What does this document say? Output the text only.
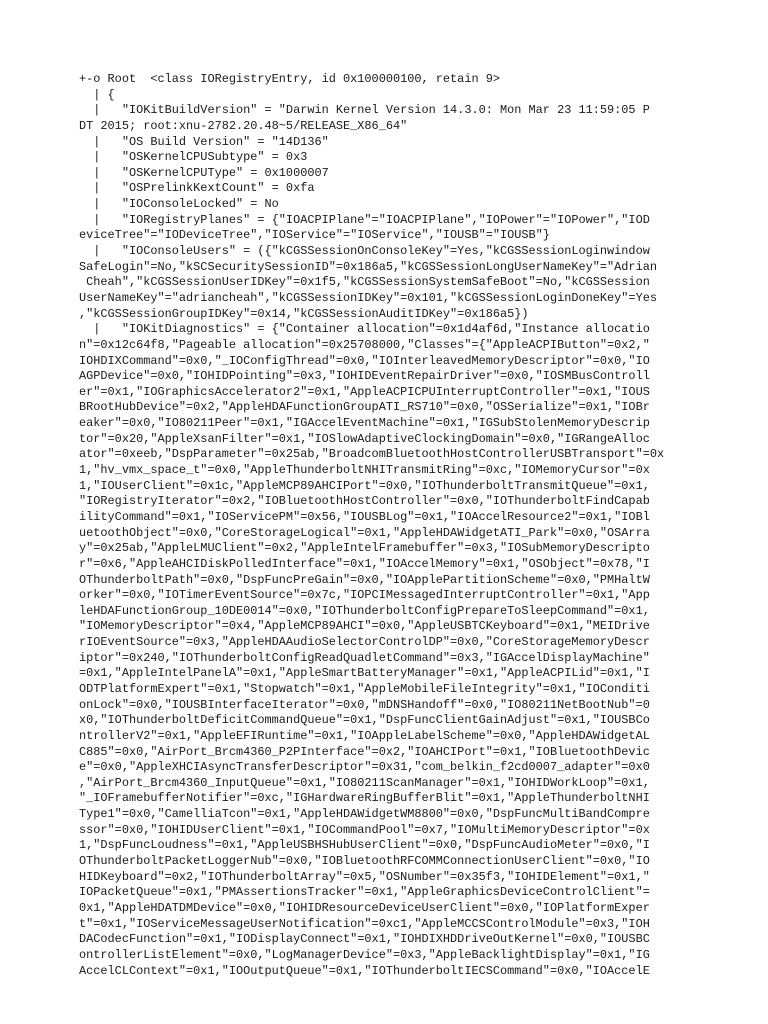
+-o Root  <class IORegistryEntry, id 0x100000100, retain 9>
| {
|   "IOKitBuildVersion" = "Darwin Kernel Version 14.3.0: Mon Mar 23 11:59:05 P
DT 2015; root:xnu-2782.20.48~5/RELEASE_X86_64"
|   "OS Build Version" = "14D136"
|   "OSKernelCPUSubtype" = 0x3
|   "OSKernelCPUType" = 0x1000007
|   "OSPrelinkKextCount" = 0xfa
|   "IOConsoleLocked" = No
|   "IORegistryPlanes" = {"IOACPIPlane"="IOACPIPlane","IOPower"="IOPower","IOD
eviceTree"="IODeviceTree","IOService"="IOService","IOUSB"="IOUSB"}
|   "IOConsoleUsers" = ({"kCGSSessionOnConsoleKey"=Yes,"kCGSSessionLoginwindow
SafeLogin"=No,"kSCSecuritySessionID"=0x186a5,"kCGSSessionLongUserNameKey"="Adrian
Cheah","kCGSSessionUserIDKey"=0x1f5,"kCGSSessionSystemSafeBoot"=No,"kCGSSession
UserNameKey"="adriancheah","kCGSSessionIDKey"=0x101,"kCGSSessionLoginDoneKey"=Yes
,"kCGSSessionGroupIDKey"=0x14,"kCGSSessionAuditIDKey"=0x186a5})
|   "IOKitDiagnostics" = {"Container allocation"=0x1d4af6d,"Instance allocatio
n"=0x12c64f8,"Pageable allocation"=0x25708000,"Classes"={"AppleACPIButton"=0x2,"
IOHDIXCommand"=0x0,"_IOConfigThread"=0x0,"IOInterleavedMemoryDescriptor"=0x0,"IO
AGPDevice"=0x0,"IOHIDPointing"=0x3,"IOHIDEventRepairDriver"=0x0,"IOSMBusControll
er"=0x1,"IOGraphicsAccelerator2"=0x1,"AppleACPICPUInterruptController"=0x1,"IOUS
BRootHubDevice"=0x2,"AppleHDAFunctionGroupATI_RS710"=0x0,"OSSerialize"=0x1,"IOBr
eaker"=0x0,"IO80211Peer"=0x1,"IGAccelEventMachine"=0x1,"IGSubStolenMemoryDescrip
tor"=0x20,"AppleXsanFilter"=0x1,"IOSlowAdaptiveClockingDomain"=0x0,"IGRangeAlloc
ator"=0xeeb,"DspParameter"=0x25ab,"BroadcomBluetoothHostControllerUSBTransport"=0x
1,"hv_vmx_space_t"=0x0,"AppleThunderboltNHITransmitRing"=0xc,"IOMemoryCursor"=0x
1,"IOUserClient"=0x1c,"AppleMCP89AHCIPort"=0x0,"IOThunderboltTransmitQueue"=0x1,
"IORegistryIterator"=0x2,"IOBluetoothHostController"=0x0,"IOThunderboltFindCapab
ilityCommand"=0x1,"IOServicePM"=0x56,"IOUSBLog"=0x1,"IOAccelResource2"=0x1,"IOBl
uetoothObject"=0x0,"CoreStorageLogical"=0x1,"AppleHDAWidgetATI_Park"=0x0,"OSArra
y"=0x25ab,"AppleLMUClient"=0x2,"AppleIntelFramebuffer"=0x3,"IOSubMemoryDescripto
r"=0x6,"AppleAHCIDiskPolledInterface"=0x1,"IOAccelMemory"=0x1,"OSObject"=0x78,"I
OThunderboltPath"=0x0,"DspFuncPreGain"=0x0,"IOApplePartitionScheme"=0x0,"PMHaltW
orker"=0x0,"IOTimerEventSource"=0x7c,"IOPCIMessagedInterruptController"=0x1,"App
leHDAFunctionGroup_10DE0014"=0x0,"IOThunderboltConfigPrepareToSleepCommand"=0x1,
"IOMemoryDescriptor"=0x4,"AppleMCP89AHCI"=0x0,"AppleUSBTCKeyboard"=0x1,"MEIDrive
rIOEventSource"=0x3,"AppleHDAAudioSelectorControlDP"=0x0,"CoreStorageMemoryDescr
iptor"=0x240,"IOThunderboltConfigReadQuadletCommand"=0x3,"IGAccelDisplayMachine"
=0x1,"AppleIntelPanelA"=0x1,"AppleSmartBatteryManager"=0x1,"AppleACPILid"=0x1,"I
ODTPlatformExpert"=0x1,"Stopwatch"=0x1,"AppleMobileFileIntegrity"=0x1,"IOConditi
onLock"=0x0,"IOUSBInterfaceIterator"=0x0,"mDNSHandoff"=0x0,"IO80211NetBootNub"=0
x0,"IOThunderboltDeficitCommandQueue"=0x1,"DspFuncClientGainAdjust"=0x1,"IOUSBCo
ntrollerV2"=0x1,"AppleEFIRuntime"=0x1,"IOAppleLabelScheme"=0x0,"AppleHDAWidgetAL
C885"=0x0,"AirPort_Brcm4360_P2PInterface"=0x2,"IOAHCIPort"=0x1,"IOBluetoothDevic
e"=0x0,"AppleXHCIAsyncTransferDescriptor"=0x31,"com_belkin_f2cd0007_adapter"=0x0
,"AirPort_Brcm4360_InputQueue"=0x1,"IO80211ScanManager"=0x1,"IOHIDWorkLoop"=0x1,
"_IOFramebufferNotifier"=0xc,"IGHardwareRingBufferBlit"=0x1,"AppleThunderboltNHI
Type1"=0x0,"CamelliaTcon"=0x1,"AppleHDAWidgetWM8800"=0x0,"DspFuncMultiBandCompre
ssor"=0x0,"IOHIDUserClient"=0x1,"IOCommandPool"=0x7,"IOMultiMemoryDescriptor"=0x
1,"DspFuncLoudness"=0x1,"AppleUSBHSHubUserClient"=0x0,"DspFuncAudioMeter"=0x0,"I
OThunderboltPacketLoggerNub"=0x0,"IOBluetoothRFCOMMConnectionUserClient"=0x0,"IO
HIDKeyboard"=0x2,"IOThunderboltArray"=0x5,"OSNumber"=0x35f3,"IOHIDElement"=0x1,"
IOPacketQueue"=0x1,"PMAssertionsTracker"=0x1,"AppleGraphicsDeviceControlClient"=
0x1,"AppleHDATDMDevice"=0x0,"IOHIDResourceDeviceUserClient"=0x0,"IOPlatformExper
t"=0x1,"IOServiceMessageUserNotification"=0xc1,"AppleMCCSControlModule"=0x3,"IOH
DACodecFunction"=0x1,"IODisplayConnect"=0x1,"IOHDIXHDDriveOutKernel"=0x0,"IOUSBC
ontrollerListElement"=0x0,"LogManagerDevice"=0x3,"AppleBacklightDisplay"=0x1,"IG
AccelCLContext"=0x1,"IOOutputQueue"=0x1,"IOThunderboltIECSCommand"=0x0,"IOAccelE
